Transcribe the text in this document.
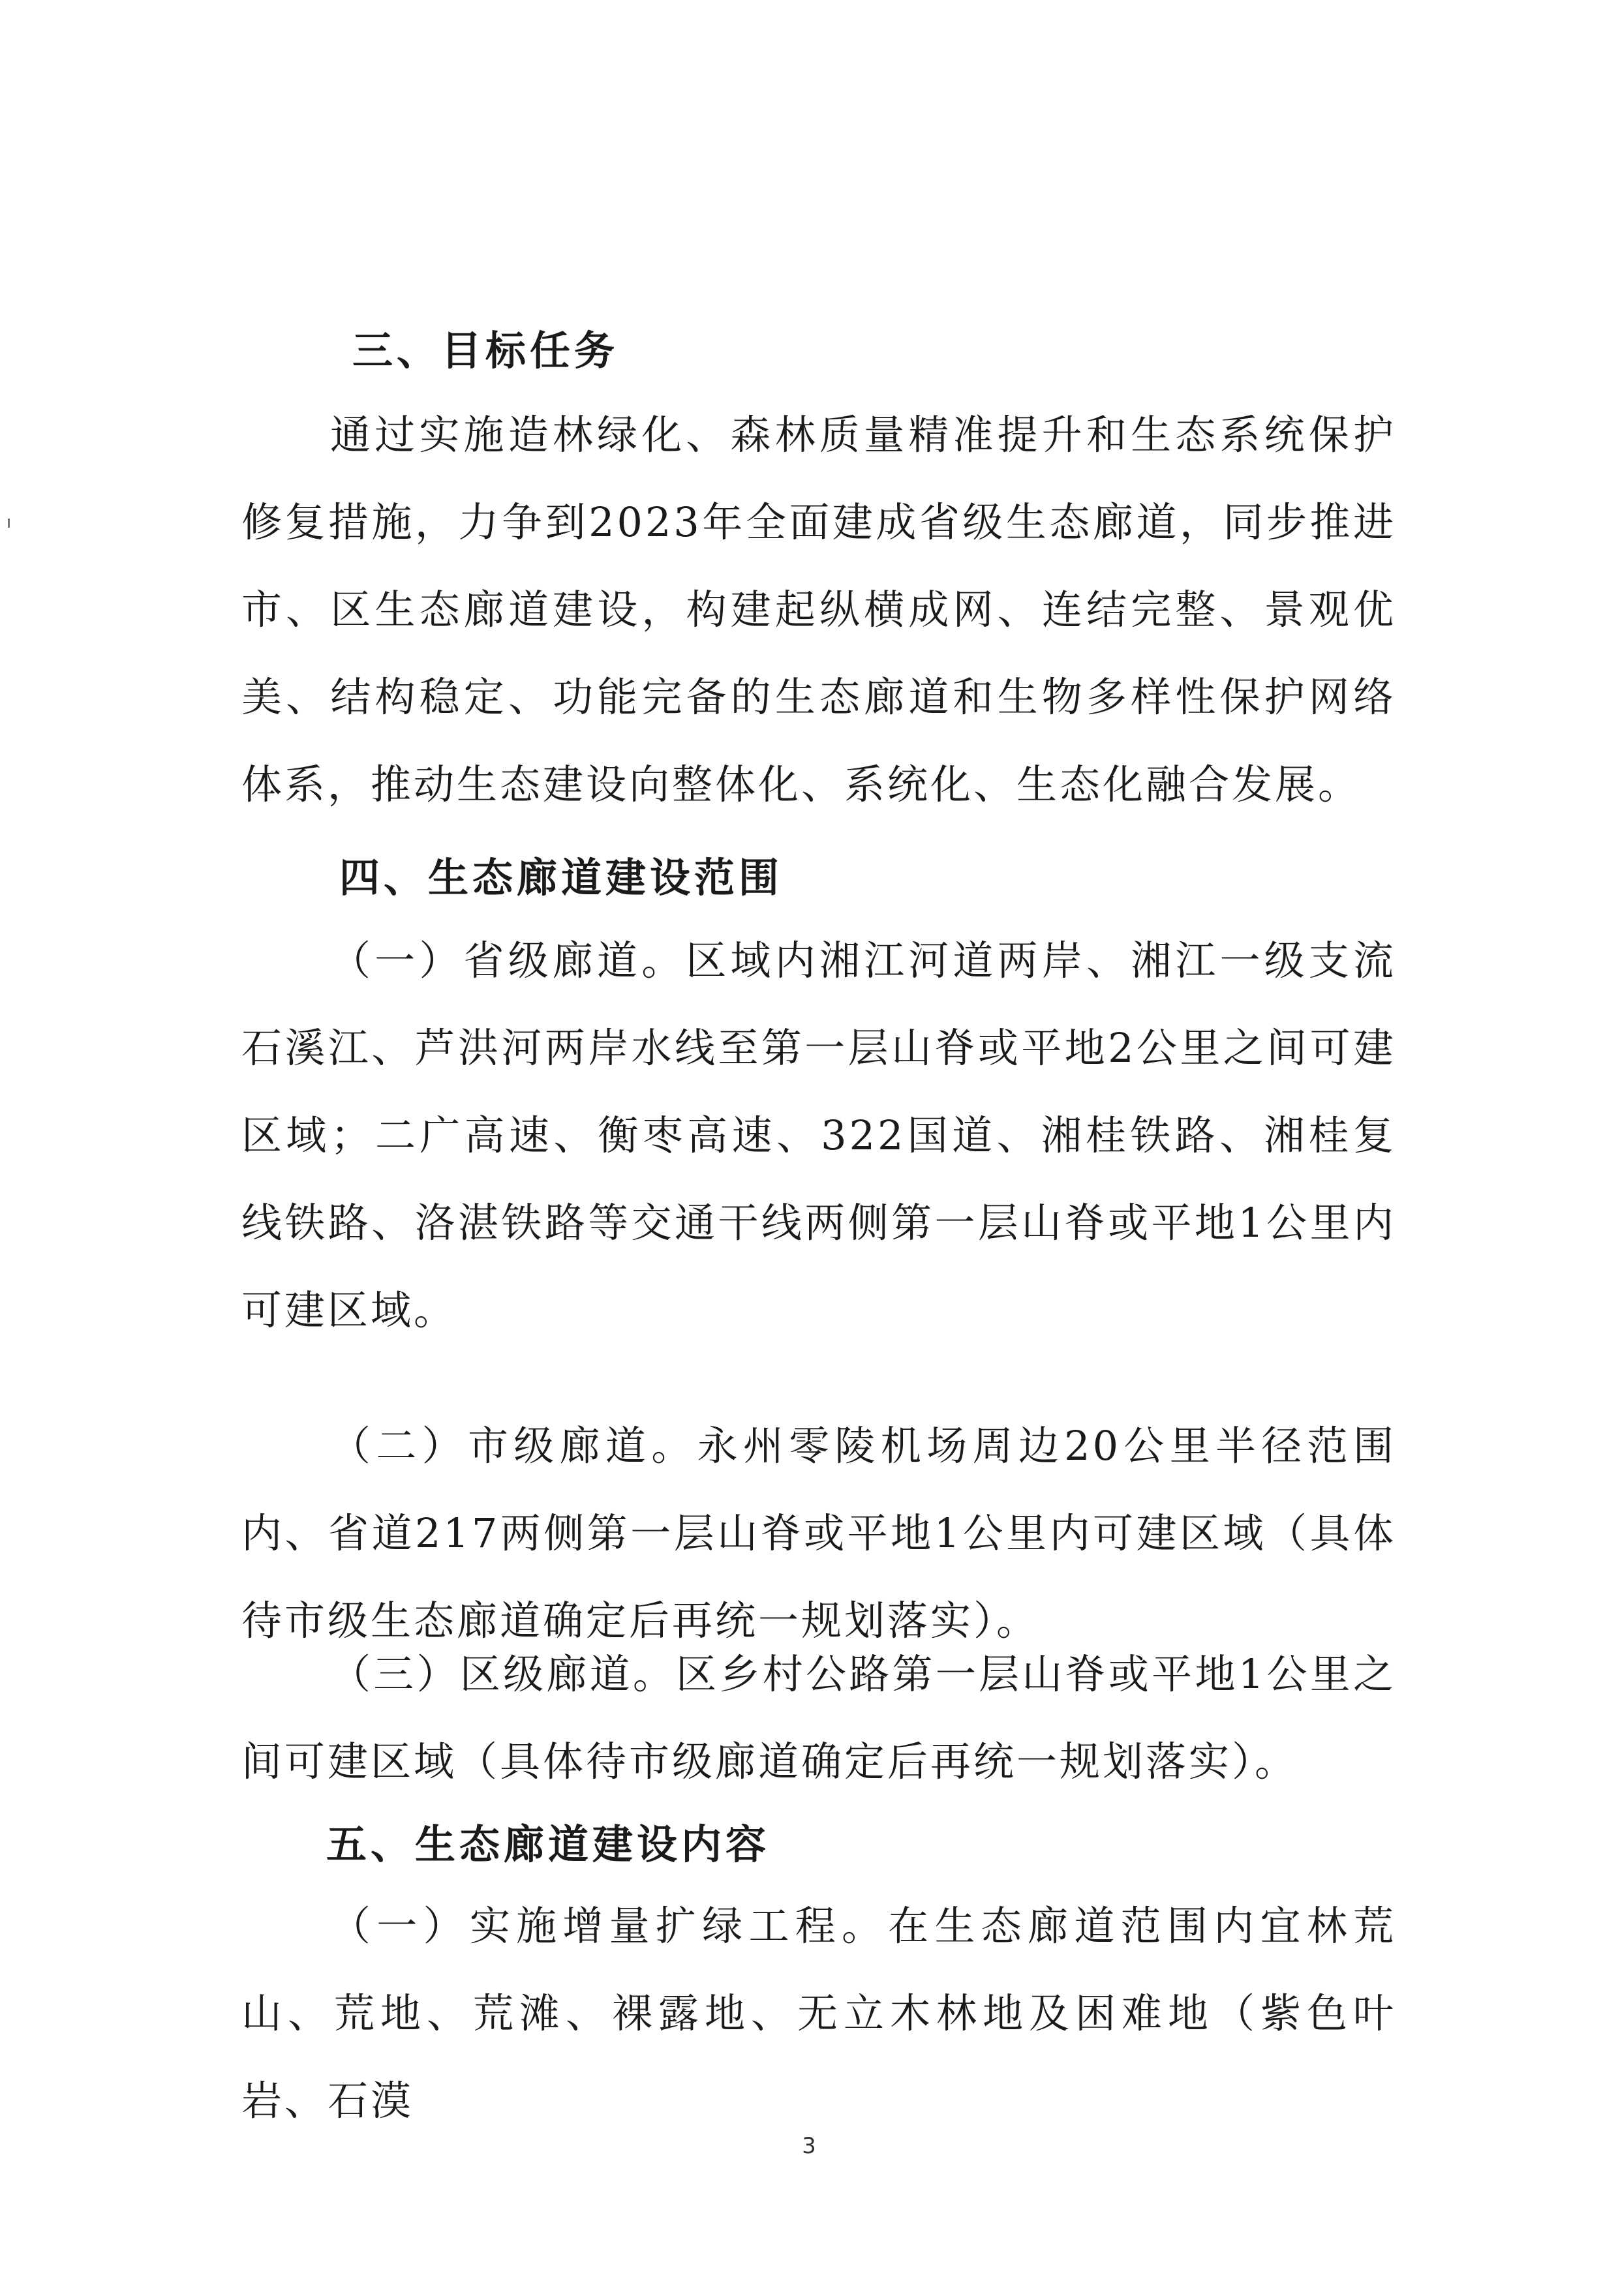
三、目标任务

通过实施造林绿化、森林质量精准提升和生态系统保护修复措施，力争到2023年全面建成省级生态廊道，同步推进市、区生态廊道建设，构建起纵横成网、连结完整、景观优美、结构稳定、功能完备的生态廊道和生物多样性保护网络体系，推动生态建设向整体化、系统化、生态化融合发展。

四、生态廊道建设范围

（一）省级廊道。区域内湘江河道两岸、湘江一级支流石溪江、芦洪河两岸水线至第一层山脊或平地2公里之间可建区域；二广高速、衡枣高速、322国道、湘桂铁路、湘桂复线铁路、洛湛铁路等交通干线两侧第一层山脊或平地1公里内可建区域。

（二）市级廊道。永州零陵机场周边20公里半径范围内、省道217两侧第一层山脊或平地1公里内可建区域（具体待市级生态廊道确定后再统一规划落实）。

（三）区级廊道。区乡村公路第一层山脊或平地1公里之间可建区域（具体待市级廊道确定后再统一规划落实）。

五、生态廊道建设内容

（一）实施增量扩绿工程。在生态廊道范围内宜林荒山、荒地、荒滩、裸露地、无立木林地及困难地（紫色叶岩、石漠

3
